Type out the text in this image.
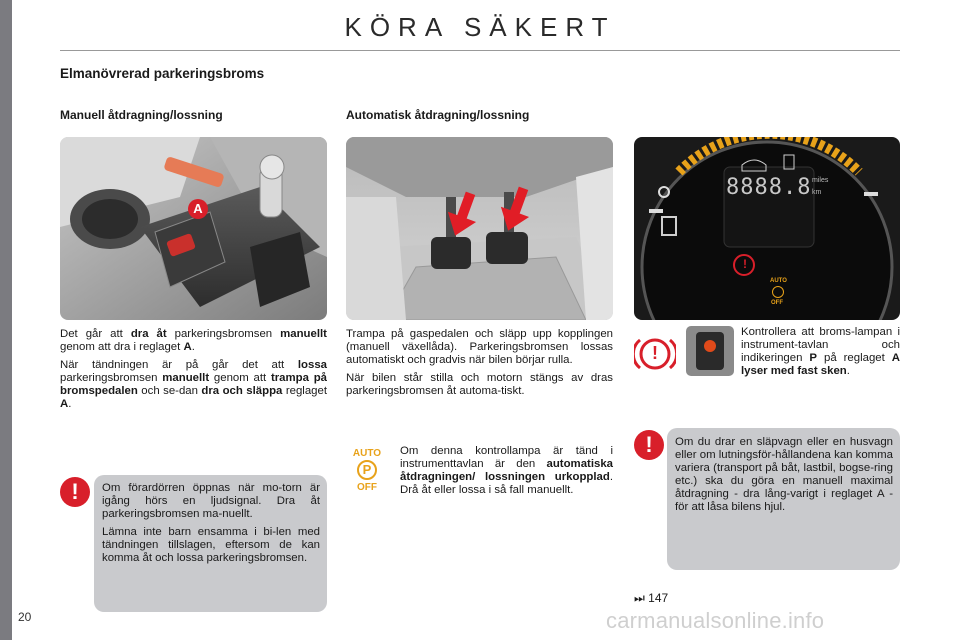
20
KÖRA SÄKERT
Elmanövrerad parkeringsbroms
Manuell åtdragning/lossning	Automatisk åtdragning/lossning
A
8888.8 miles
km
!
AUTO
OFF

Det går att dra åt parkeringsbromsen manuellt genom att dra i reglaget A.

När tändningen är på går det att lossa parkeringsbromsen manuellt genom att trampa på bromspedalen och se-dan dra och släppa reglaget A.

!	Om förardörren öppnas när mo-torn är igång hörs en ljudsignal. Dra åt parkeringsbromsen ma-nuellt.

Lämna inte barn ensamma i bi-len med tändningen tillslagen, eftersom de kan komma åt och lossa parkeringsbromsen.

Trampa på gaspedalen och släpp upp kopplingen (manuell växellåda). Parkeringsbromsen lossas automatiskt och gradvis när bilen börjar rulla.

När bilen står stilla och motorn stängs av dras parkeringsbromsen åt automa-tiskt.

AUTO
P
OFF

Om denna kontrollampa är tänd i instrumenttavlan är den automatiska åtdragningen/ lossningen urkopplad. Drå åt eller lossa i så fall manuellt.

!

Kontrollera att broms-lampan i instrument-tavlan och indikeringen P på reglaget A lyser med fast sken.

!	Om du drar en släpvagn eller en husvagn eller om lutningsför-hållandena kan komma variera (transport på båt, lastbil, bogse-ring etc.) ska du göra en manuell maximal åtdragning - dra lång-varigt i reglaget A - för att låsa bilens hjul.
⏭ 147
carmanualsonline.info
